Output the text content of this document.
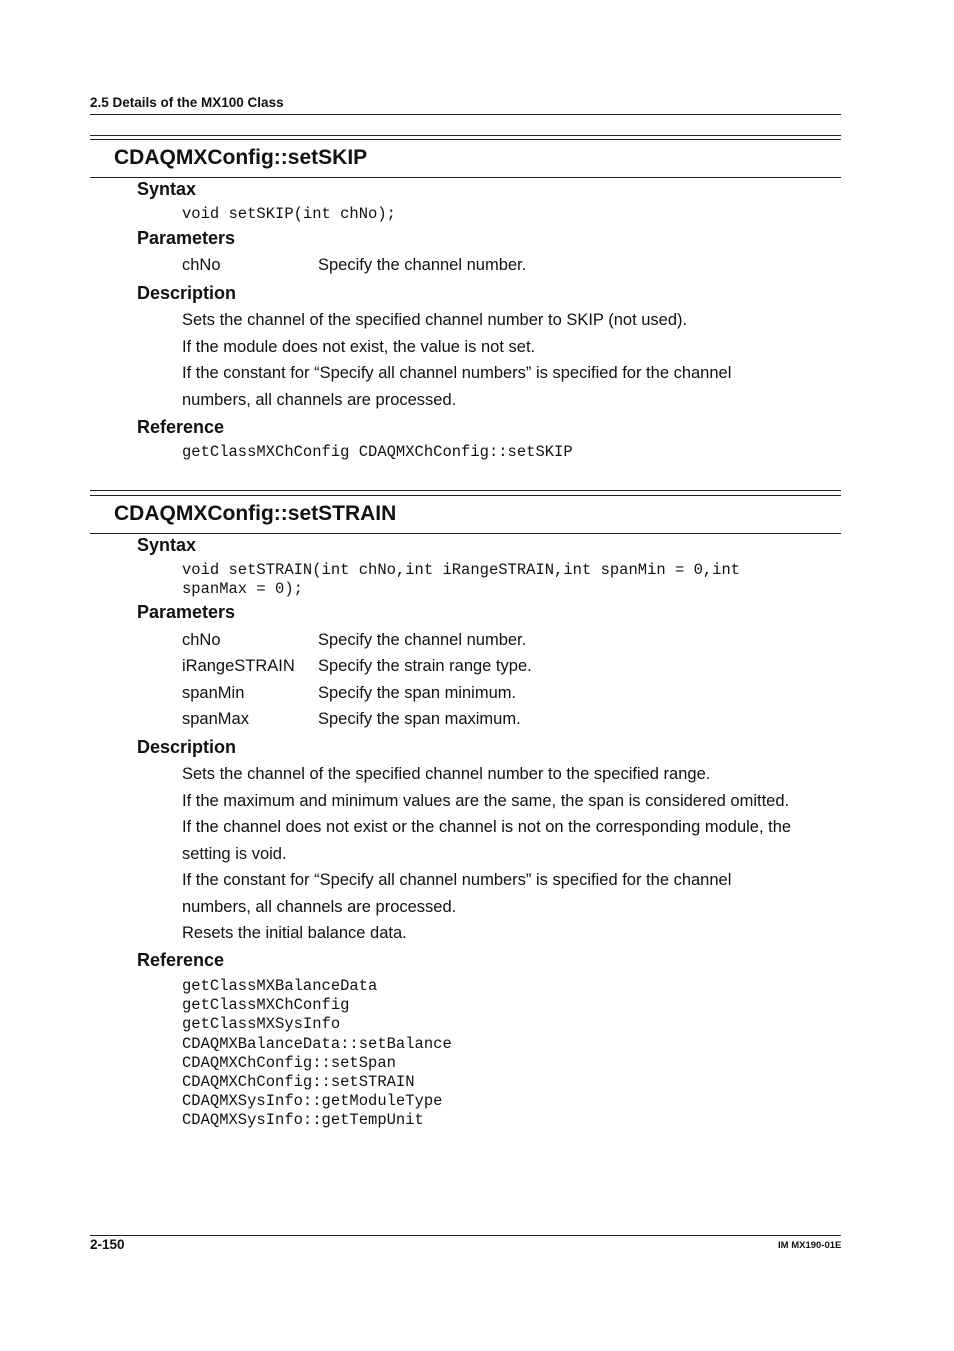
2.5 Details of the MX100 Class
CDAQMXConfig::setSKIP
Syntax
void setSKIP(int chNo);
Parameters
chNo	Specify the channel number.
Description
Sets the channel of the specified channel number to SKIP (not used).
If the module does not exist, the value is not set.
If the constant for “Specify all channel numbers” is specified for the channel
numbers, all channels are processed.
Reference
getClassMXChConfig CDAQMXChConfig::setSKIP
CDAQMXConfig::setSTRAIN
Syntax
void setSTRAIN(int chNo,int iRangeSTRAIN,int spanMin = 0,int
spanMax = 0);
Parameters
chNo	Specify the channel number.
iRangeSTRAIN Specify the strain range type.
spanMin	Specify the span minimum.
spanMax	Specify the span maximum.
Description
Sets the channel of the specified channel number to the specified range.
If the maximum and minimum values are the same, the span is considered omitted.
If the channel does not exist or the channel is not on the corresponding module, the
setting is void.
If the constant for “Specify all channel numbers” is specified for the channel
numbers, all channels are processed.
Resets the initial balance data.
Reference
getClassMXBalanceData
getClassMXChConfig
getClassMXSysInfo
CDAQMXBalanceData::setBalance
CDAQMXChConfig::setSpan
CDAQMXChConfig::setSTRAIN
CDAQMXSysInfo::getModuleType
CDAQMXSysInfo::getTempUnit
2-150	IM MX190-01E
